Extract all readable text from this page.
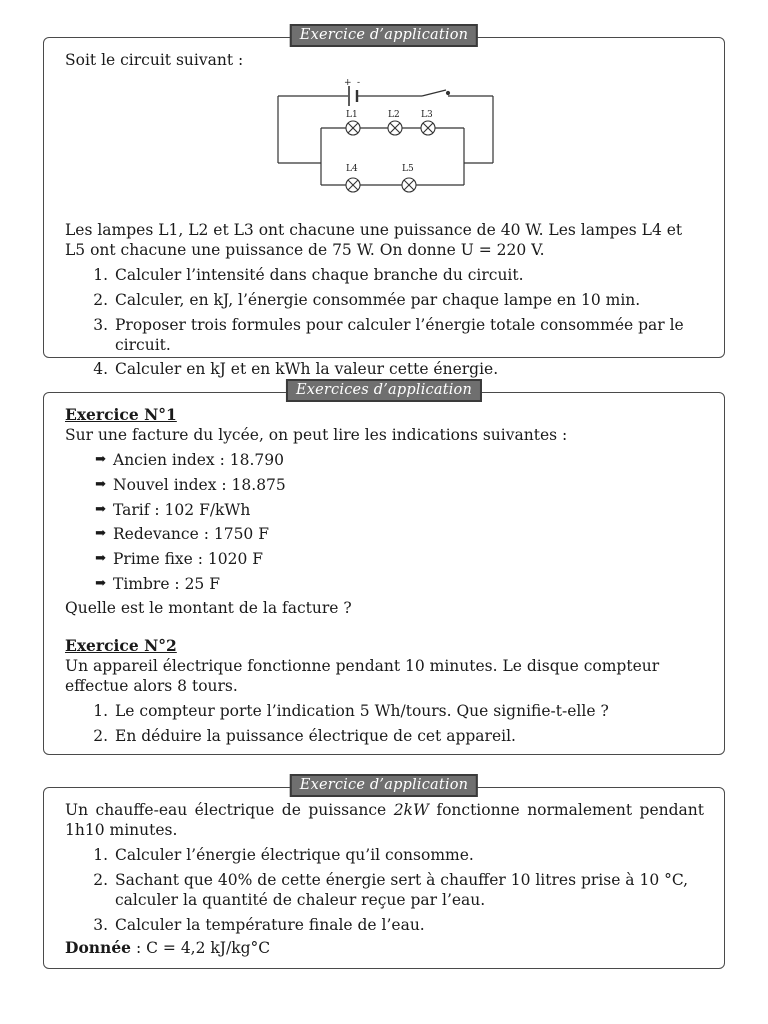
Exercice d’application

Soit le circuit suivant :

+ -
L1	L2 L3
L4	L5

Les lampes L1, L2 et L3 ont chacune une puissance de 40 W. Les lampes L4 et L5 ont chacune une puissance de 75 W. On donne U = 220 V.

1. Calculer l’intensité dans chaque branche du circuit.
2. Calculer, en kJ, l’énergie consommée par chaque lampe en 10 min.
3. Proposer trois formules pour calculer l’énergie totale consommée par le circuit.
4. Calculer en kJ et en kWh la valeur cette énergie.
Exercices d’application
Exercice N°1

Sur une facture du lycée, on peut lire les indications suivantes :

➡ Ancien index : 18.790
➡ Nouvel index : 18.875
➡ Tarif : 102 F/kWh
➡ Redevance : 1750 F
➡ Prime fixe : 1020 F
➡ Timbre : 25 F

Quelle est le montant de la facture ?

Exercice N°2

Un appareil électrique fonctionne pendant 10 minutes. Le disque compteur effectue alors 8 tours.

1. Le compteur porte l’indication 5 Wh/tours. Que signifie-t-elle ?
2. En déduire la puissance électrique de cet appareil.
Exercice d’application

Un chauffe-eau électrique de puissance 2kW fonctionne normalement pendant 1h10 minutes.

1. Calculer l’énergie électrique qu’il consomme.
2. Sachant que 40% de cette énergie sert à chauffer 10 litres prise à 10 °C, calculer la quantité de chaleur reçue par l’eau.
3. Calculer la température finale de l’eau.

Donnée : C = 4,2 kJ/kg°C
